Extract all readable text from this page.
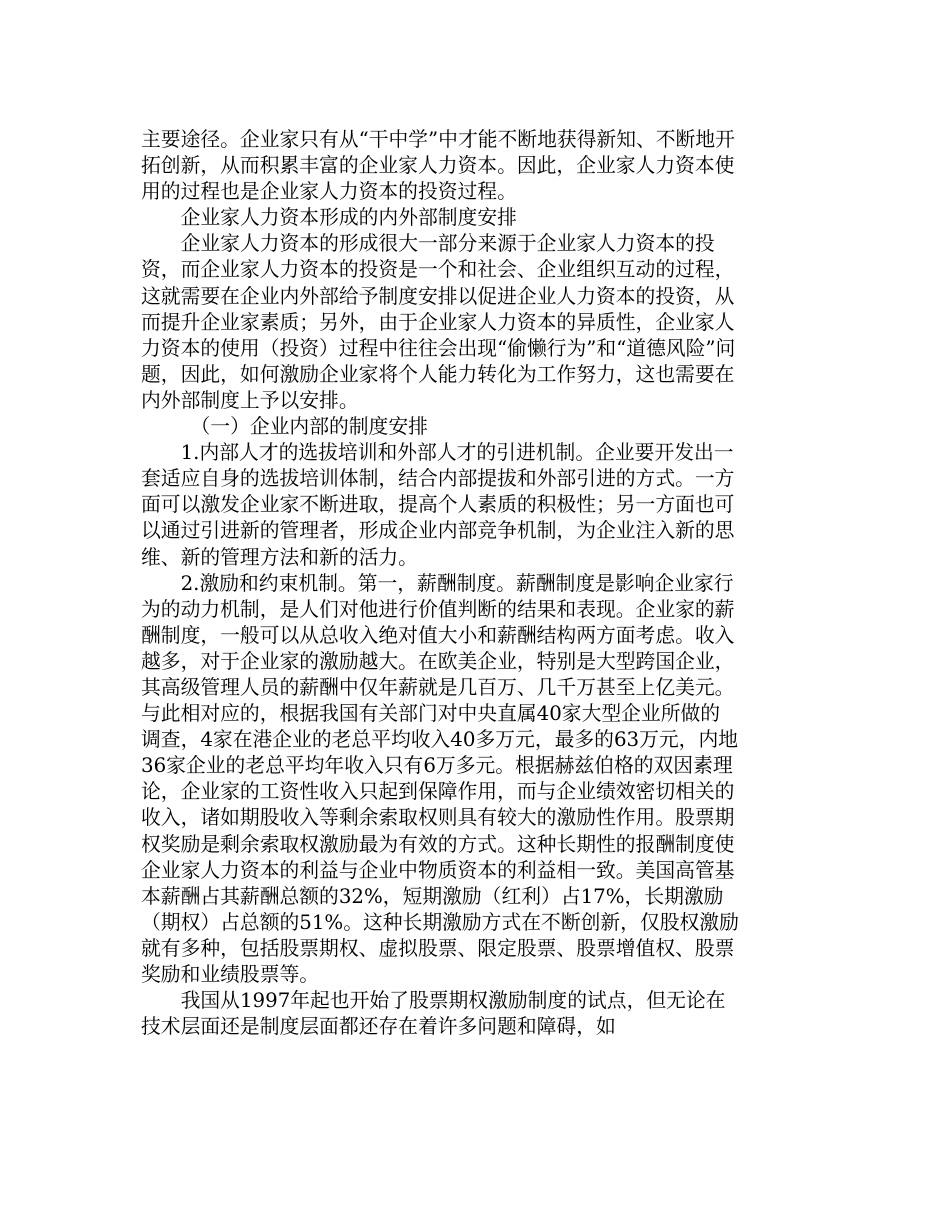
主要途径。企业家只有从“干中学”中才能不断地获得新知、不断地开拓创新，从而积累丰富的企业家人力资本。因此，企业家人力资本使用的过程也是企业家人力资本的投资过程。

企业家人力资本形成的内外部制度安排

企业家人力资本的形成很大一部分来源于企业家人力资本的投资，而企业家人力资本的投资是一个和社会、企业组织互动的过程，这就需要在企业内外部给予制度安排以促进企业人力资本的投资，从而提升企业家素质；另外，由于企业家人力资本的异质性，企业家人力资本的使用（投资）过程中往往会出现“偷懒行为”和“道德风险”问题，因此，如何激励企业家将个人能力转化为工作努力，这也需要在内外部制度上予以安排。

（一）企业内部的制度安排

1.内部人才的选拔培训和外部人才的引进机制。企业要开发出一套适应自身的选拔培训体制，结合内部提拔和外部引进的方式。一方面可以激发企业家不断进取，提高个人素质的积极性；另一方面也可以通过引进新的管理者，形成企业内部竞争机制，为企业注入新的思维、新的管理方法和新的活力。

2.激励和约束机制。第一，薪酬制度。薪酬制度是影响企业家行为的动力机制，是人们对他进行价值判断的结果和表现。企业家的薪酬制度，一般可以从总收入绝对值大小和薪酬结构两方面考虑。收入越多，对于企业家的激励越大。在欧美企业，特别是大型跨国企业，其高级管理人员的薪酬中仅年薪就是几百万、几千万甚至上亿美元。与此相对应的，根据我国有关部门对中央直属40家大型企业所做的调查，4家在港企业的老总平均收入40多万元，最多的63万元，内地36家企业的老总平均年收入只有6万多元。根据赫兹伯格的双因素理论，企业家的工资性收入只起到保障作用，而与企业绩效密切相关的收入，诸如期股收入等剩余索取权则具有较大的激励性作用。股票期权奖励是剩余索取权激励最为有效的方式。这种长期性的报酬制度使企业家人力资本的利益与企业中物质资本的利益相一致。美国高管基本薪酬占其薪酬总额的32%，短期激励（红利）占17%，长期激励（期权）占总额的51%。这种长期激励方式在不断创新，仅股权激励就有多种，包括股票期权、虚拟股票、限定股票、股票增值权、股票奖励和业绩股票等。

我国从1997年起也开始了股票期权激励制度的试点，但无论在技术层面还是制度层面都还存在着许多问题和障碍，如
